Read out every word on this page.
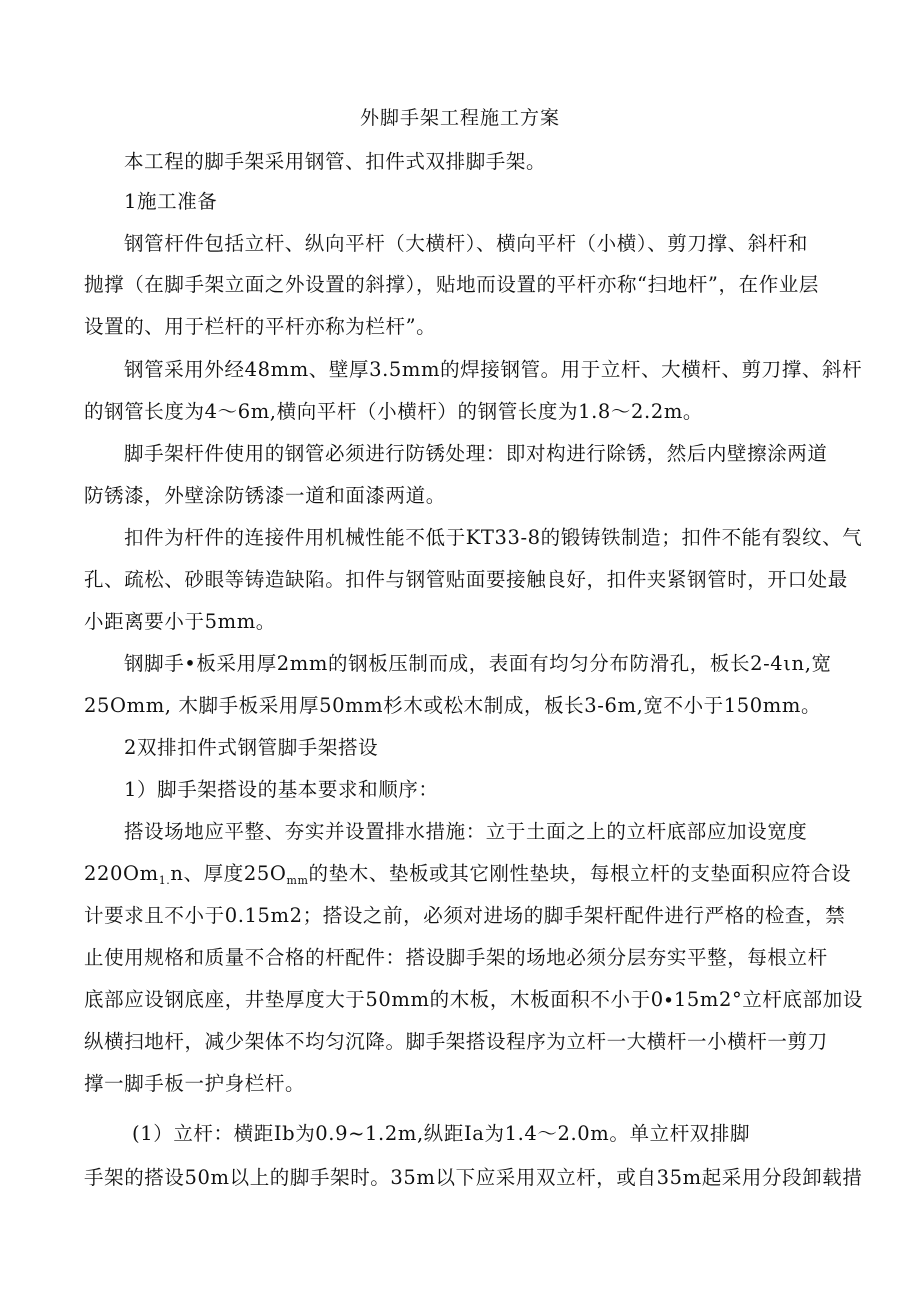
外脚手架工程施工方案
本工程的脚手架采用钢管、扣件式双排脚手架。
1施工准备
钢管杆件包括立杆、纵向平杆（大横杆）、横向平杆（小横）、剪刀撑、斜杆和
抛撑（在脚手架立面之外设置的斜撑），贴地而设置的平杆亦称“扫地杆”，在作业层
设置的、用于栏杆的平杆亦称为栏杆”。
钢管采用外经48mm、壁厚3.5mm的焊接钢管。用于立杆、大横杆、剪刀撑、斜杆
的钢管长度为4〜6m,横向平杆（小横杆）的钢管长度为1.8〜2.2m。
脚手架杆件使用的钢管必须进行防锈处理：即对构进行除锈，然后内壁擦涂两道
防锈漆，外壁涂防锈漆一道和面漆两道。
扣件为杆件的连接件用机械性能不低于KT33-8的锻铸铁制造；扣件不能有裂纹、气
孔、疏松、砂眼等铸造缺陷。扣件与钢管贴面要接触良好，扣件夹紧钢管时，开口处最
小距离要小于5mm。
钢脚手•板采用厚2mm的钢板压制而成，表面有均匀分布防滑孔，板长2-4ιn,宽
25Omm, 木脚手板采用厚50mm杉木或松木制成，板长3-6m,宽不小于150mm。
2双排扣件式钢管脚手架搭设
1）脚手架搭设的基本要求和顺序：
搭设场地应平整、夯实并设置排水措施：立于土面之上的立杆底部应加设宽度
$220Om_{1.}n$、厚度$25O_{mm}$的垫木、垫板或其它刚性垫块，每根立杆的支垫面积应符合设
计要求且不小于0.15m2；搭设之前，必须对进场的脚手架杆配件进行严格的检查，禁
止使用规格和质量不合格的杆配件：搭设脚手架的场地必须分层夯实平整，每根立杆
底部应设钢底座，井垫厚度大于50mm的木板，木板面积不小于0∙15m2°立杆底部加设
纵横扫地杆，减少架体不均匀沉降。脚手架搭设程序为立杆一大横杆一小横杆一剪刀
撑一脚手板一护身栏杆。
(1）立杆：横距Ib为0.9~1.2m,纵距Ia为1.4〜2.0m。单立杆双排脚
手架的搭设50m以上的脚手架时。35m以下应采用双立杆，或自35m起采用分段卸载措
